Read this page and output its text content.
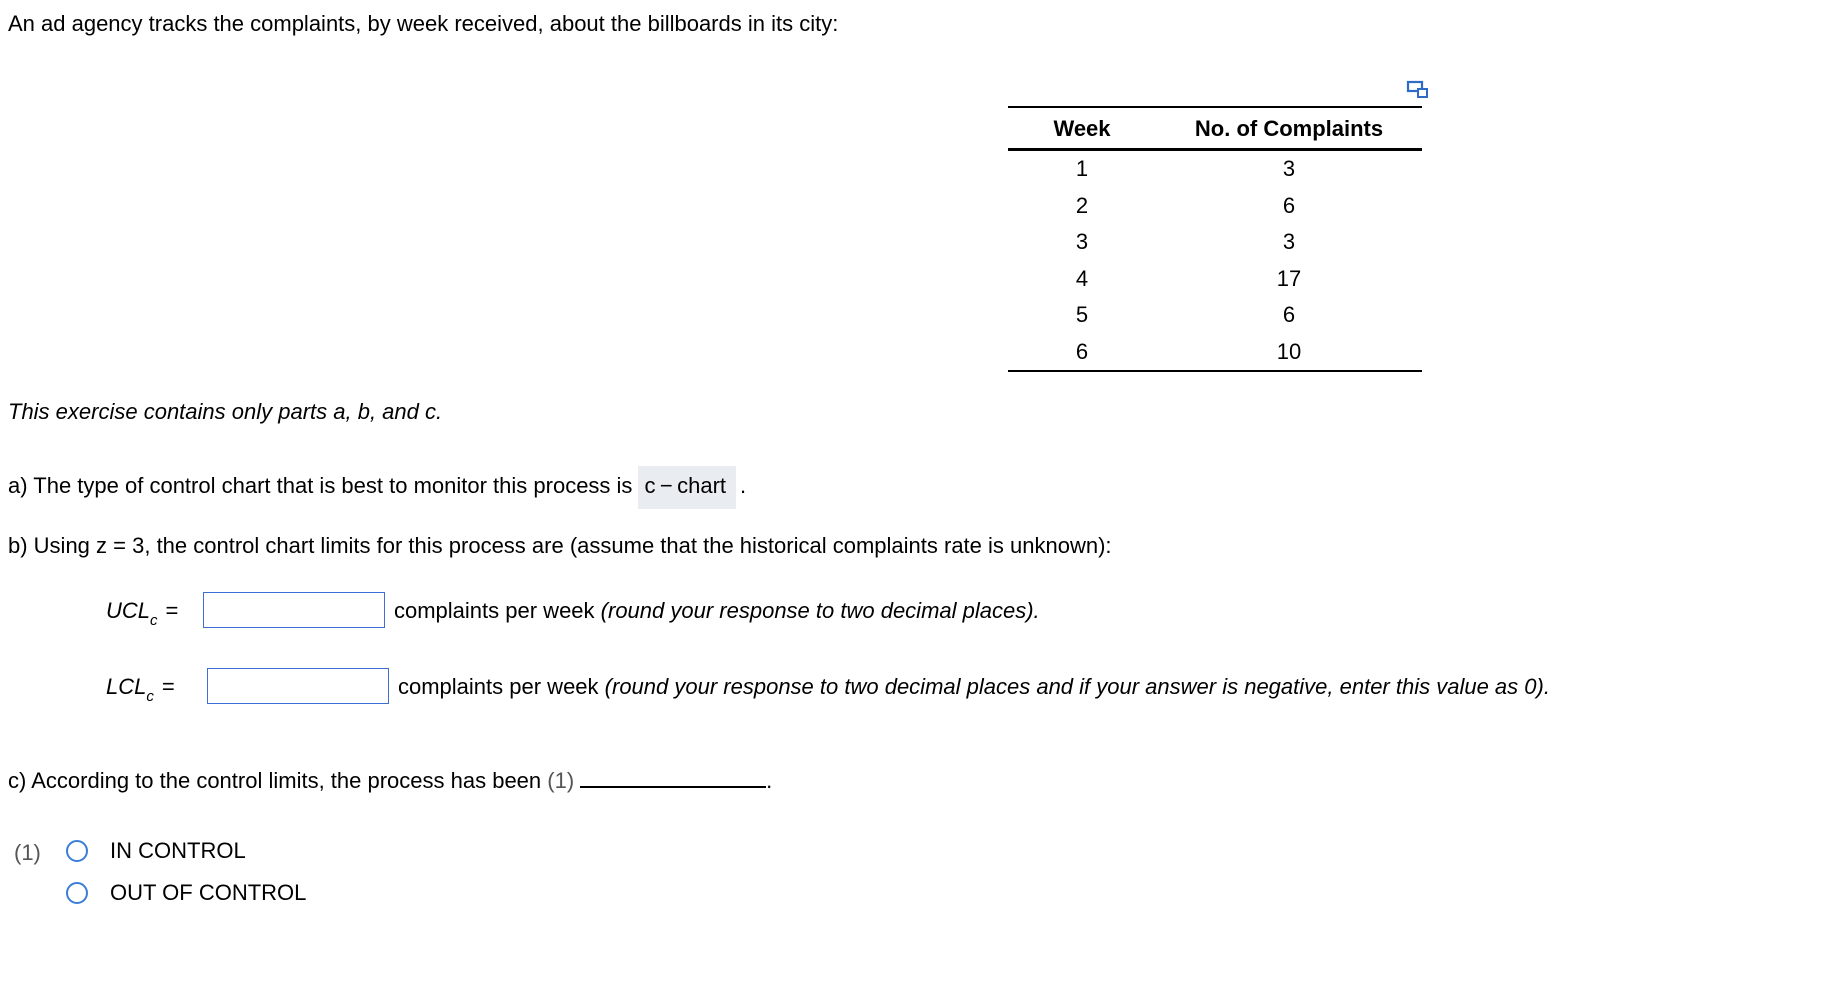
An ad agency tracks the complaints, by week received, about the billboards in its city:
Week	No. of Complaints
1	3
2	6
3	3
4	17
5	6
6	10
This exercise contains only parts a, b, and c.
a) The type of control chart that is best to monitor this process is c − chart .
b) Using z = 3, the control chart limits for this process are (assume that the historical complaints rate is unknown):
$UCL_c$ =	complaints per week (round your response to two decimal places).
$LCL_c$ =	complaints per week (round your response to two decimal places and if your answer is negative, enter this value as 0).
c) According to the control limits, the process has been (1)	.
(1)	IN CONTROL
OUT OF CONTROL
